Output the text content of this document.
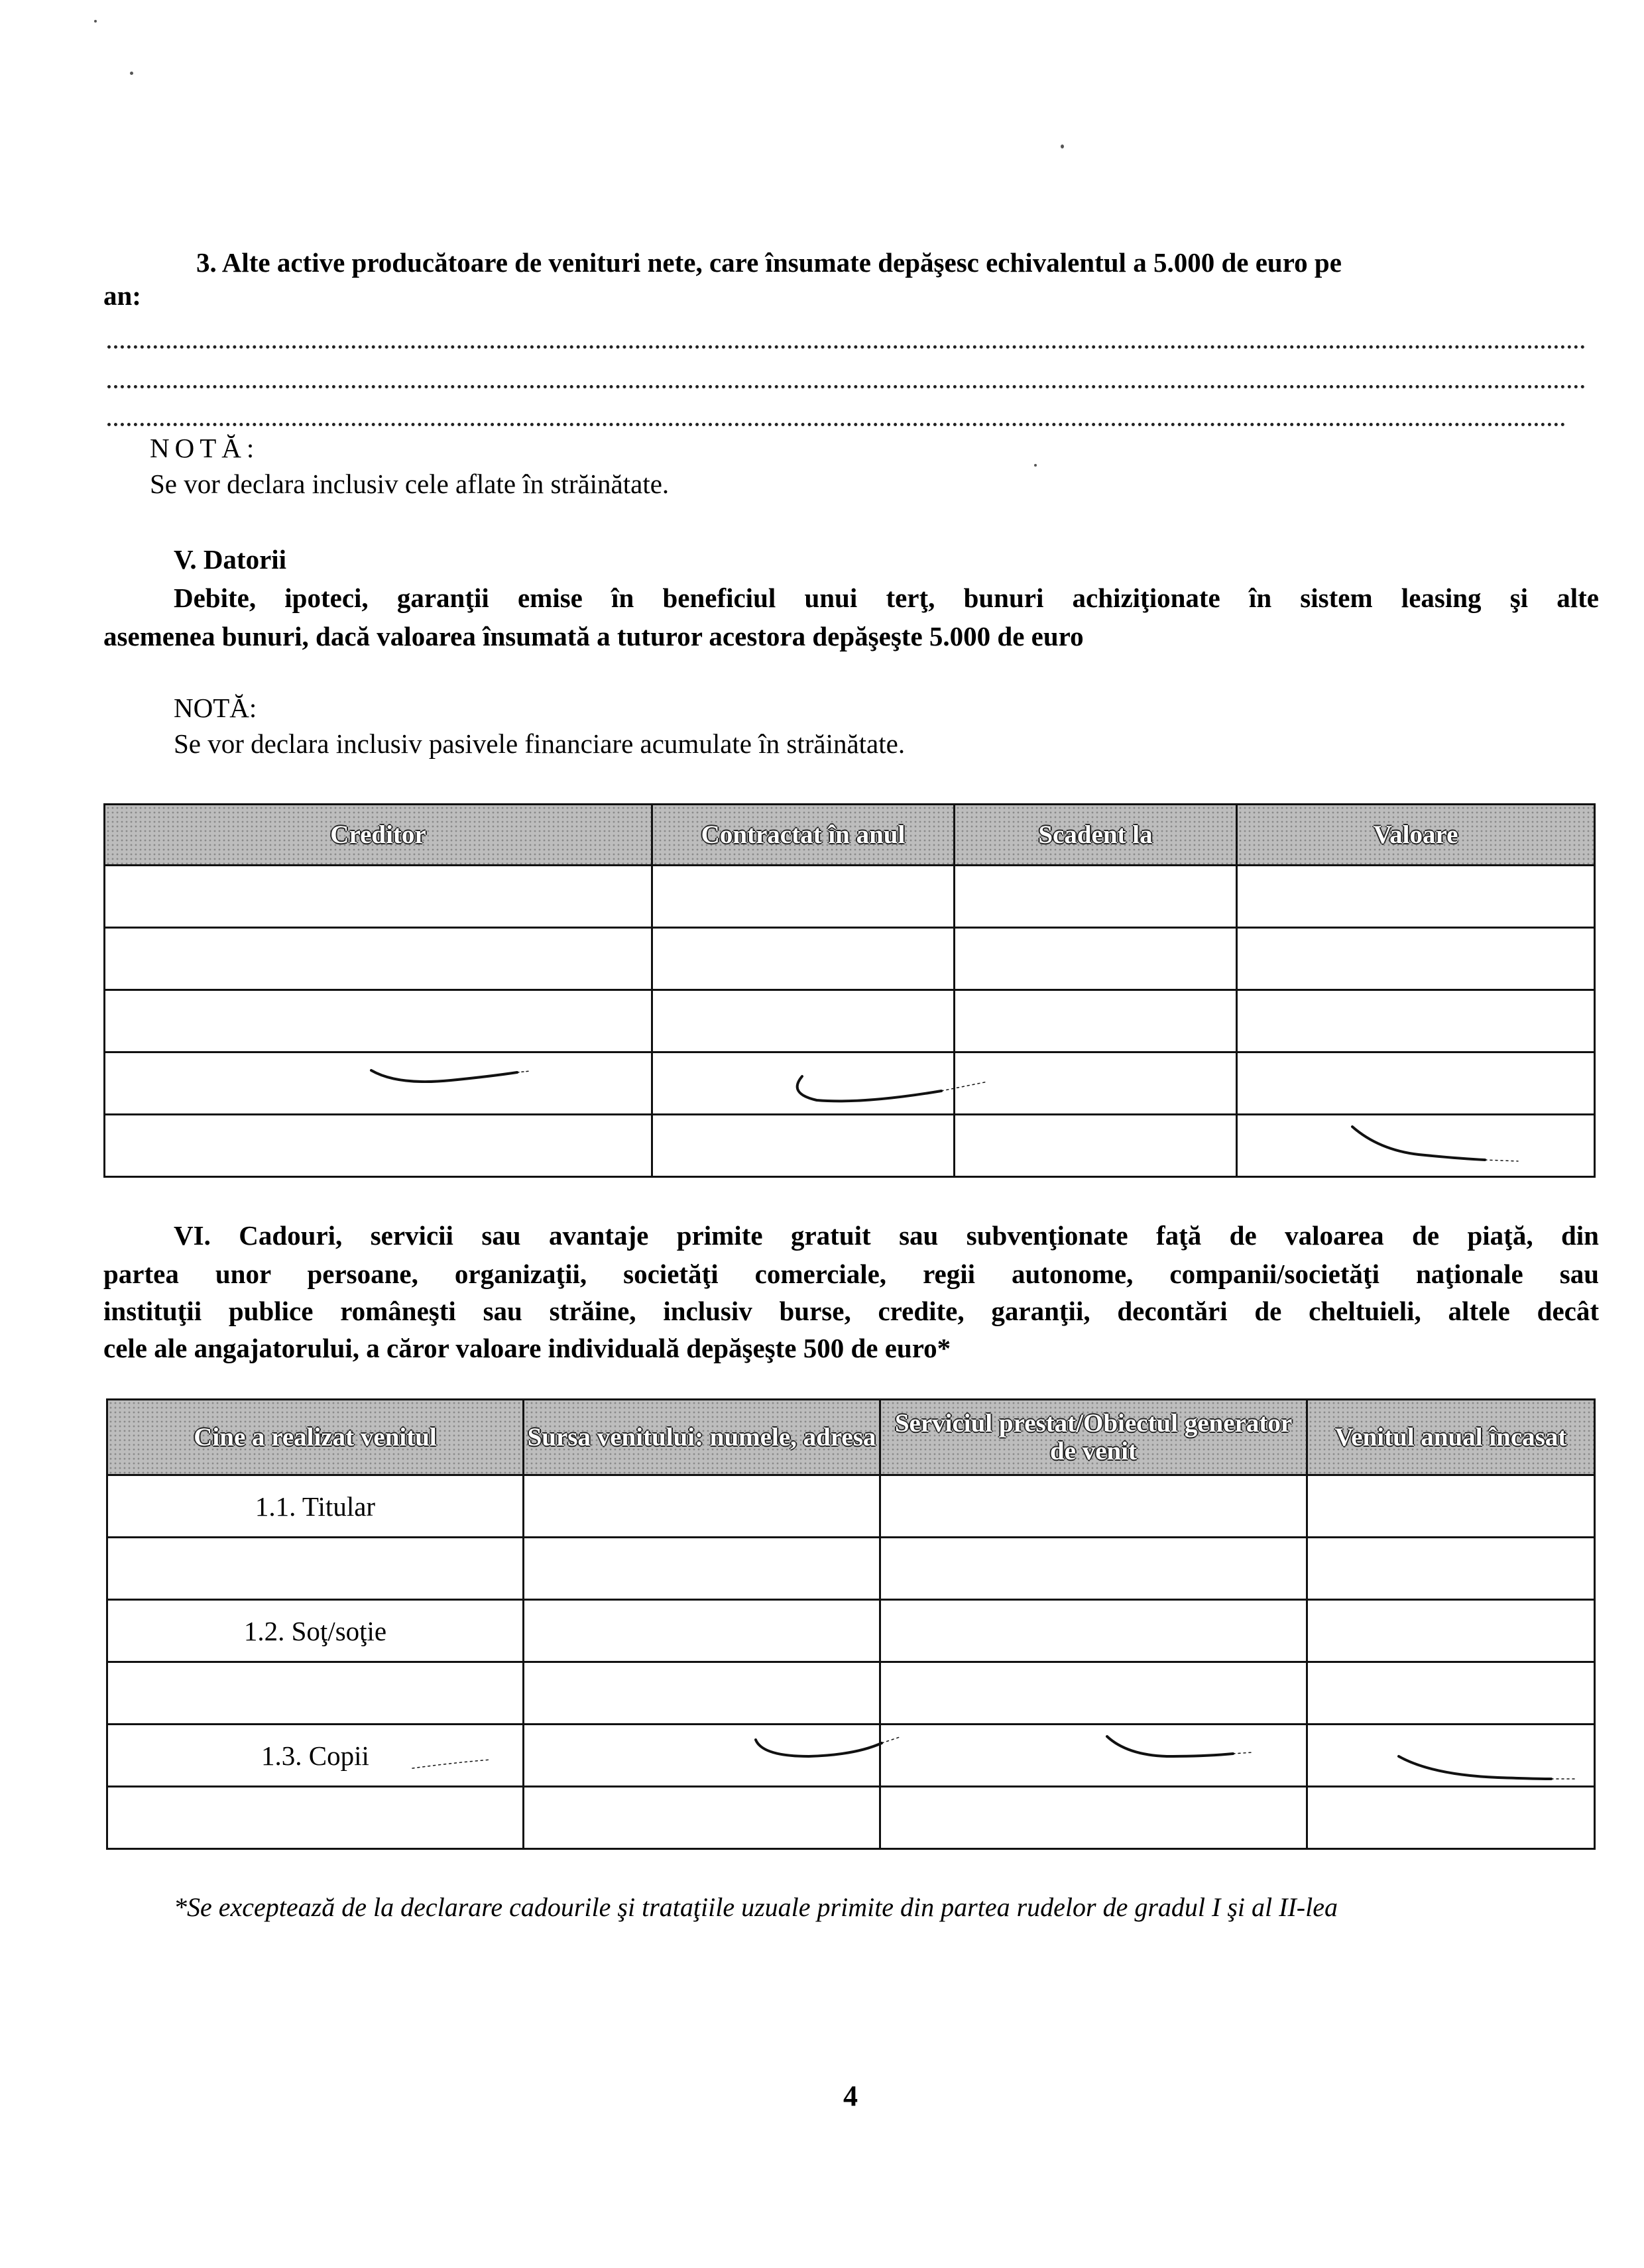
3. Alte active producătoare de venituri nete, care însumate depăşesc echivalentul a 5.000 de euro pe
an:
NOTĂ:
Se vor declara inclusiv cele aflate în străinătate.
V. Datorii
Debite, ipoteci, garanţii emise în beneficiul unui terţ, bunuri achiziţionate în sistem leasing şi alte
asemenea bunuri, dacă valoarea însumată a tuturor acestora depăşeşte 5.000 de euro
NOTĂ:
Se vor declara inclusiv pasivele financiare acumulate în străinătate.
Creditor	Contractat în anul	Scadent la	Valoare

VI. Cadouri, servicii sau avantaje primite gratuit sau subvenţionate faţă de valoarea de piaţă, din
partea unor persoane, organizaţii, societăţi comerciale, regii autonome, companii/societăţi naţionale sau
instituţii publice româneşti sau străine, inclusiv burse, credite, garanţii, decontări de cheltuieli, altele decât
cele ale angajatorului, a căror valoare individuală depăşeşte 500 de euro*
Cine a realizat venitul	Sursa venitului: numele, adresa	Serviciul prestat/Obiectul generator de venit	Venitul anual încasat
1.1. Titular			

1.2. Soţ/soţie			

1.3. Copii			

*Se exceptează de la declarare cadourile şi trataţiile uzuale primite din partea rudelor de gradul I şi al II-lea
4
